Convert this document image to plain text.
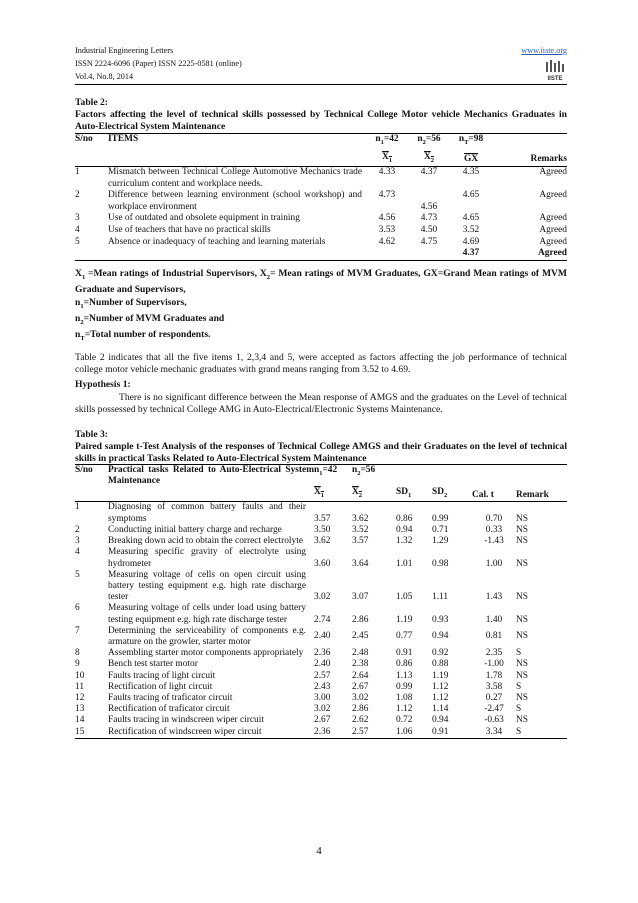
Industrial Engineering Letters
ISSN 2224-6096 (Paper) ISSN 2225-0581 (online)
Vol.4, No.8, 2014
www.iiste.org
IISTE
Table 2:
Factors affecting the level of technical skills possessed by Technical College Motor vehicle Mechanics Graduates in Auto-Electrical System Maintenance
S/no	ITEMS	$n_1=42$	$n_2=56$	$n_T=98$	
		$X_1$	$X_2$	$\overline{GX}$	Remarks
1	Mismatch between Technical College Automotive Mechanics trade curriculum content and workplace needs.	4.33	4.37	4.35	Agreed
2	Difference between learning environment (school workshop) and workplace environment	4.73	4.56	4.65	Agreed
3	Use of outdated and obsolete equipment in training	4.56	4.73	4.65	Agreed
4	Use of teachers that have no practical skills	3.53	4.50	3.52	Agreed
5	Absence or inadequacy of teaching and learning materials	4.62	4.75	4.69	Agreed
				4.37	Agreed
$X_1$ =Mean ratings of Industrial Supervisors, $X_2=$ Mean ratings of MVM Graduates, GX=Grand Mean ratings of MVM Graduate and Supervisors,
$n_1=Number$ of Supervisors,
$n_2=Number$ of MVM Graduates and
$n_T=Total$ number of respondents.
Table 2 indicates that all the five items 1, 2,3,4 and 5, were accepted as factors affecting the job performance of technical college motor vehicle mechanic graduates with grand means ranging from 3.52 to 4.69.
Hypothesis 1:
There is no significant difference between the Mean response of AMGS and the graduates on the Level of technical skills possessed by technical College AMG in Auto-Electrical/Electronic Systems Maintenance.
Table 3:
Paired sample t-Test Analysis of the responses of Technical College AMGS and their Graduates on the level of technical skills in practical Tasks Related to Auto-Electrical System Maintenance
S/no	Practical tasks Related to Auto-Electrical System Maintenance	$n_1=42$	$n_2=56$				
		$X_1$	$X_2$	$SD_1$	$SD_2$	Cal. t	Remark
1	Diagnosing of common battery faults and their symptoms	3.57	3.62	0.86	0.99	0.70	NS
2	Conducting initial battery charge and recharge	3.50	3.52	0.94	0.71	0.33	NS
3	Breaking down acid to obtain the correct electrolyte	3.62	3.57	1.32	1.29	-1.43	NS
4	Measuring specific gravity of electrolyte using hydrometer	3.60	3.64	1.01	0.98	1.00	NS
5	Measuring voltage of cells on open circuit using battery testing equipment e.g. high rate discharge tester	3.02	3.07	1.05	1.11	1.43	NS
6	Measuring voltage of cells under load using battery testing equipment e.g. high rate discharge tester	2.74	2.86	1.19	0.93	1.40	NS
7	Determining the serviceability of components e.g. armature on the growler, starter motor	2.40	2.45	0.77	0.94	0.81	NS
8	Assembling starter motor components appropriately	2.36	2.48	0.91	0.92	2.35	S
9	Bench test starter motor	2.40	2.38	0.86	0.88	-1.00	NS
10	Faults tracing of light circuit	2.57	2.64	1.13	1.19	1.78	NS
11	Rectification of light circuit	2.43	2.67	0.99	1.12	3.58	S
12	Faults tracing of traficator circuit	3.00	3.02	1.08	1.12	0.27	NS
13	Rectification of traficator circuit	3.02	2.86	1.12	1.14	-2.47	S
14	Faults tracing in windscreen wiper circuit	2.67	2.62	0.72	0.94	-0.63	NS
15	Rectification of windscreen wiper circuit	2.36	2.57	1.06	0.91	3.34	S
4
